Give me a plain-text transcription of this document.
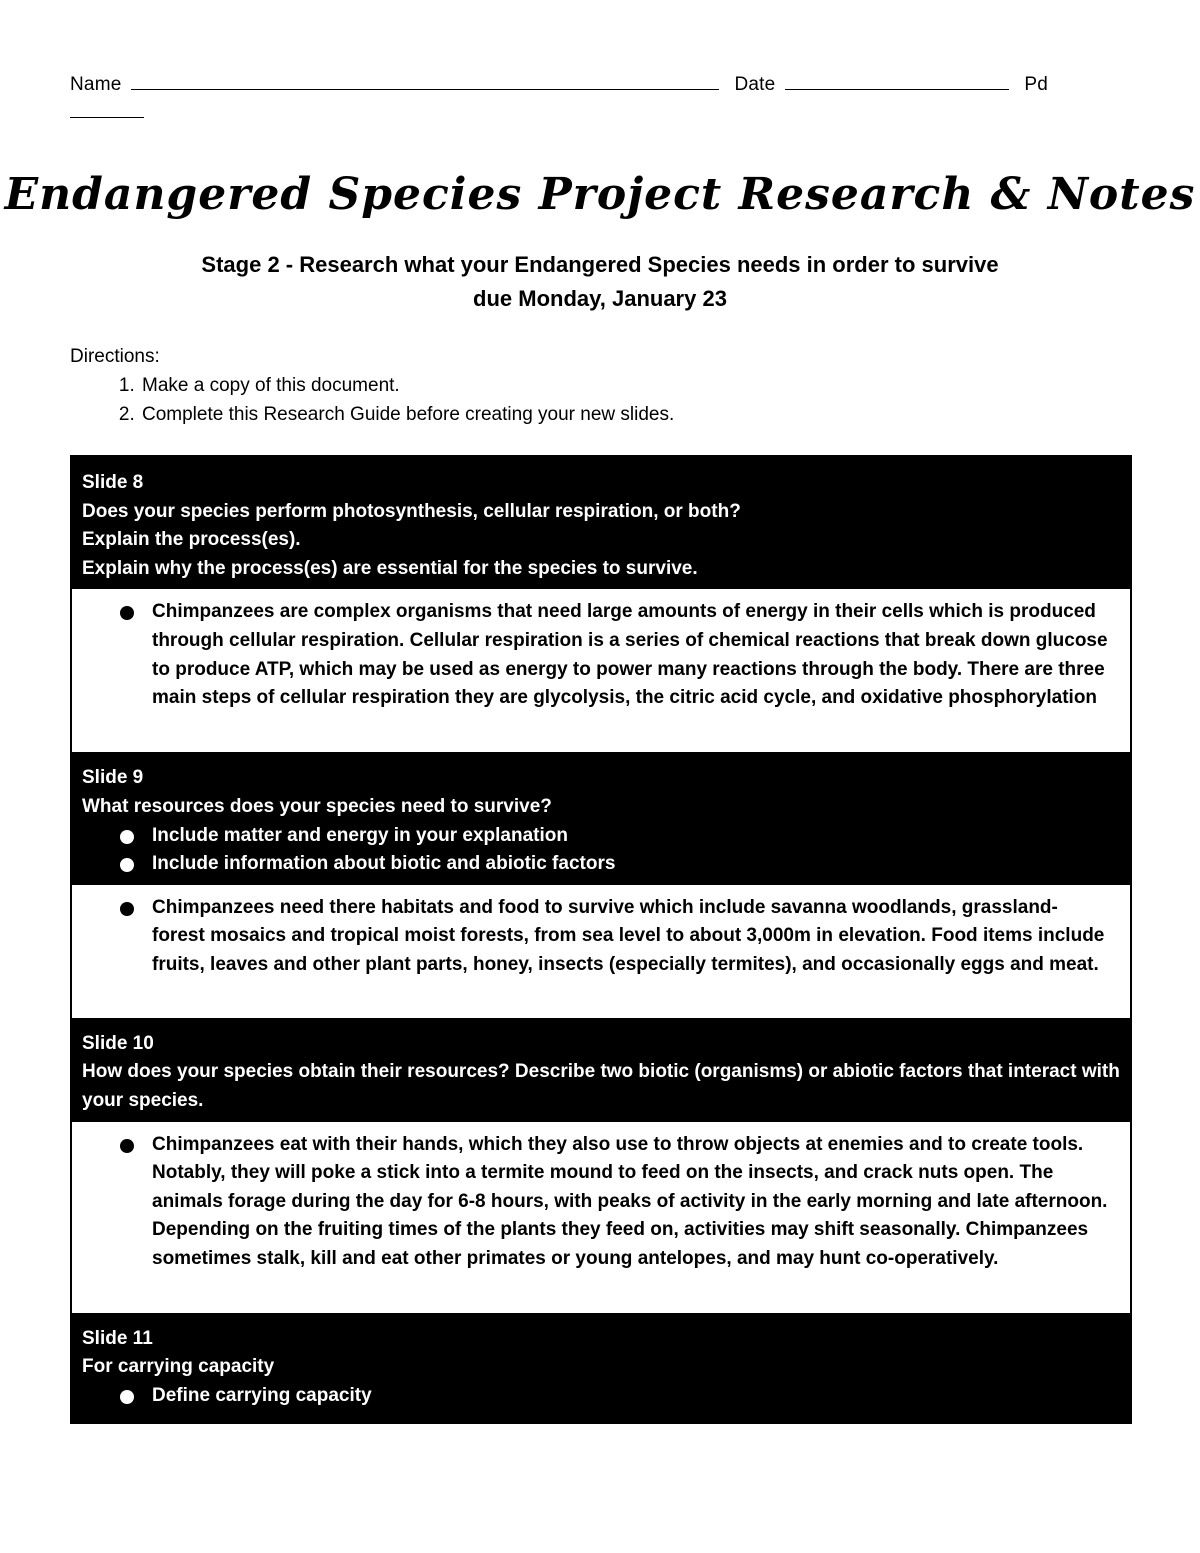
Name	Date	Pd
Endangered Species Project Research & Notes
Stage 2 - Research what your Endangered Species needs in order to survive
due Monday, January 23
Directions:
1. Make a copy of this document.
2. Complete this Research Guide before creating your new slides.

Slide 8

Does your species perform photosynthesis, cellular respiration, or both?

Explain the process(es).

Explain why the process(es) are essential for the species to survive.

Chimpanzees are complex organisms that need large amounts of energy in their cells which is produced through cellular respiration. Cellular respiration is a series of chemical reactions that break down glucose to produce ATP, which may be used as energy to power many reactions through the body. There are three main steps of cellular respiration they are glycolysis, the citric acid cycle, and oxidative phosphorylation

Slide 9

What resources does your species need to survive?

Include matter and energy in your explanation
Include information about biotic and abiotic factors
Chimpanzees need there habitats and food to survive which include savanna woodlands, grassland-forest mosaics and tropical moist forests, from sea level to about 3,000m in elevation. Food items include fruits, leaves and other plant parts, honey, insects (especially termites), and occasionally eggs and meat.

Slide 10

How does your species obtain their resources? Describe two biotic (organisms) or abiotic factors that interact with your species.

Chimpanzees eat with their hands, which they also use to throw objects at enemies and to create tools. Notably, they will poke a stick into a termite mound to feed on the insects, and crack nuts open. The animals forage during the day for 6-8 hours, with peaks of activity in the early morning and late afternoon. Depending on the fruiting times of the plants they feed on, activities may shift seasonally. Chimpanzees sometimes stalk, kill and eat other primates or young antelopes, and may hunt co-operatively.

Slide 11

For carrying capacity

Define carrying capacity
